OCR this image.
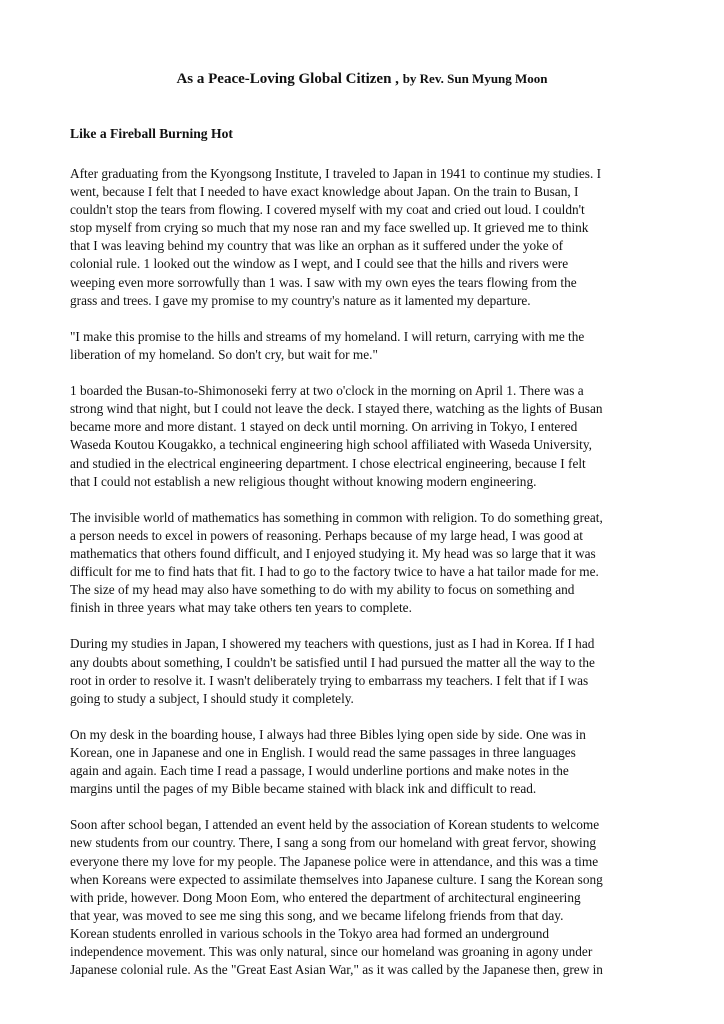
As a Peace-Loving Global Citizen , by Rev. Sun Myung Moon
Like a Fireball Burning Hot
After graduating from the Kyongsong Institute, I traveled to Japan in 1941 to continue my studies. I
went, because I felt that I needed to have exact knowledge about Japan. On the train to Busan, I
couldn't stop the tears from flowing. I covered myself with my coat and cried out loud. I couldn't
stop myself from crying so much that my nose ran and my face swelled up. It grieved me to think
that I was leaving behind my country that was like an orphan as it suffered under the yoke of
colonial rule. 1 looked out the window as I wept, and I could see that the hills and rivers were
weeping even more sorrowfully than 1 was. I saw with my own eyes the tears flowing from the
grass and trees. I gave my promise to my country's nature as it lamented my departure.
"I make this promise to the hills and streams of my homeland. I will return, carrying with me the
liberation of my homeland. So don't cry, but wait for me."
1 boarded the Busan-to-Shimonoseki ferry at two o'clock in the morning on April 1. There was a
strong wind that night, but I could not leave the deck. I stayed there, watching as the lights of Busan
became more and more distant. 1 stayed on deck until morning. On arriving in Tokyo, I entered
Waseda Koutou Kougakko, a technical engineering high school affiliated with Waseda University,
and studied in the electrical engineering department. I chose electrical engineering, because I felt
that I could not establish a new religious thought without knowing modern engineering.
The invisible world of mathematics has something in common with religion. To do something great,
a person needs to excel in powers of reasoning. Perhaps because of my large head, I was good at
mathematics that others found difficult, and I enjoyed studying it. My head was so large that it was
difficult for me to find hats that fit. I had to go to the factory twice to have a hat tailor made for me.
The size of my head may also have something to do with my ability to focus on something and
finish in three years what may take others ten years to complete.
During my studies in Japan, I showered my teachers with questions, just as I had in Korea. If I had
any doubts about something, I couldn't be satisfied until I had pursued the matter all the way to the
root in order to resolve it. I wasn't deliberately trying to embarrass my teachers. I felt that if I was
going to study a subject, I should study it completely.
On my desk in the boarding house, I always had three Bibles lying open side by side. One was in
Korean, one in Japanese and one in English. I would read the same passages in three languages
again and again. Each time I read a passage, I would underline portions and make notes in the
margins until the pages of my Bible became stained with black ink and difficult to read.
Soon after school began, I attended an event held by the association of Korean students to welcome
new students from our country. There, I sang a song from our homeland with great fervor, showing
everyone there my love for my people. The Japanese police were in attendance, and this was a time
when Koreans were expected to assimilate themselves into Japanese culture. I sang the Korean song
with pride, however. Dong Moon Eom, who entered the department of architectural engineering
that year, was moved to see me sing this song, and we became lifelong friends from that day.
Korean students enrolled in various schools in the Tokyo area had formed an underground
independence movement. This was only natural, since our homeland was groaning in agony under
Japanese colonial rule. As the "Great East Asian War," as it was called by the Japanese then, grew in
